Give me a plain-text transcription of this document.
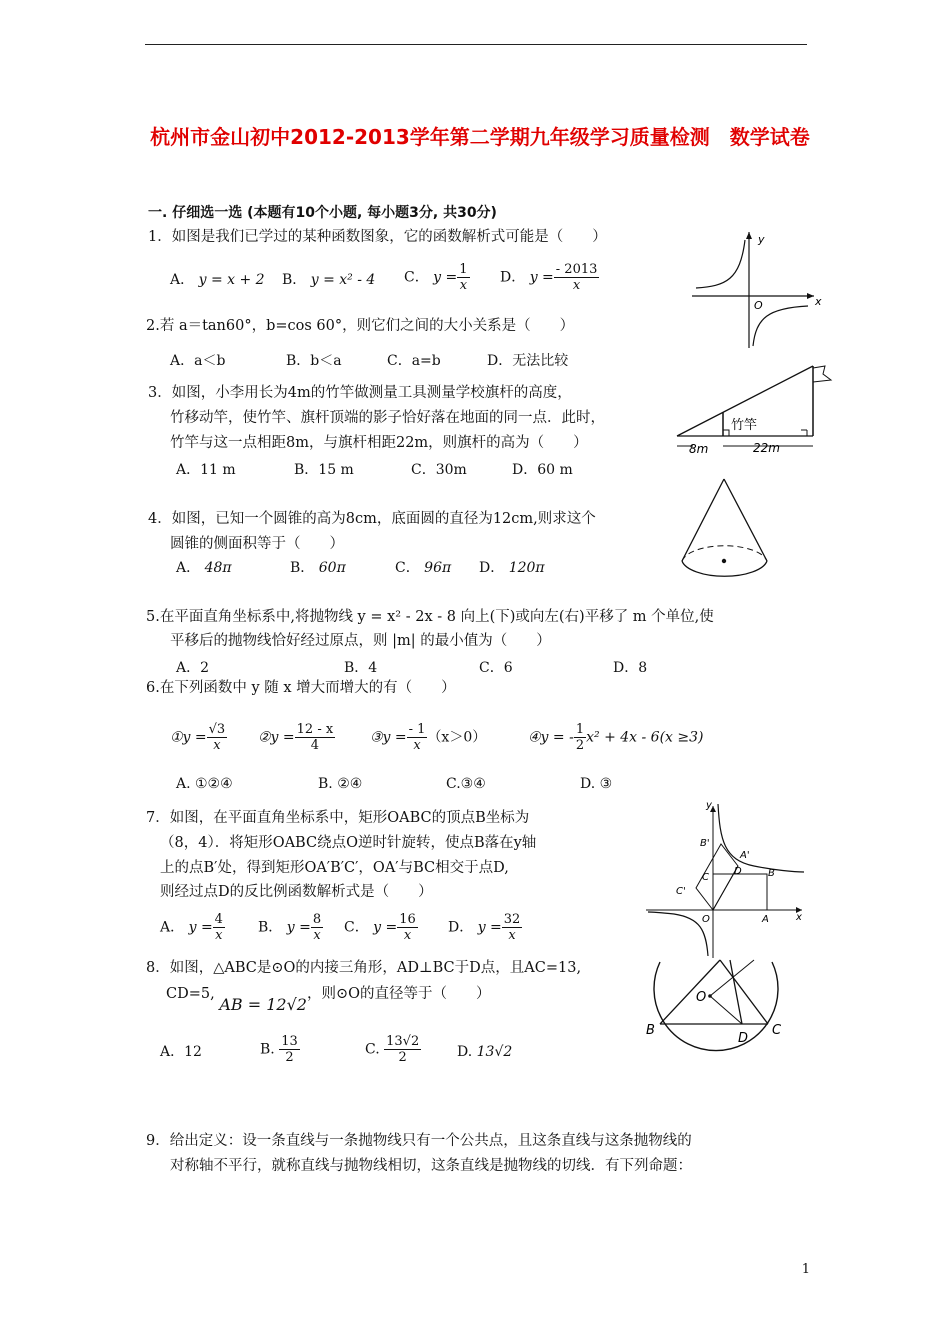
杭州市金山初中2012-2013学年第二学期九年级学习质量检测　数学试卷
一. 仔细选一选 (本题有10个小题, 每小题3分, 共30分)
1．如图是我们已学过的某种函数图象，它的函数解析式可能是（　　）
A． y = x + 2 B． y = x² - 4 C． $y = \frac{1}{x}$ D． $y = \frac{- 2013}{x}$
y
x
O
2.若 a＝tan60°，b=cos 60°，则它们之间的大小关系是（　　）
A．a＜b	B．b＜a	C．a=b	D．无法比较
3．如图，小李用长为4m的竹竿做测量工具测量学校旗杆的高度，
竹移动竿，使竹竿、旗杆顶端的影子恰好落在地面的同一点．此时，
竹竿与这一点相距8m，与旗杆相距22m，则旗杆的高为（　　）
A．11 m	B．15 m	C．30m	D．60 m
竹竿
8m	22m
4．如图，已知一个圆锥的高为8cm，底面圆的直径为12cm,则求这个
圆锥的侧面积等于（　　）
A． 48π	B． 60π	C． 96π D． 120π
5.在平面直角坐标系中,将抛物线 y = x² - 2x - 8 向上(下)或向左(右)平移了 m 个单位,使
平移后的抛物线恰好经过原点，则 |m| 的最小值为（　　）
A．2	B．4	C．6	D．8
6.在下列函数中 y 随 x 增大而增大的有（　　）
①y = $\frac{√3}{x}$ ②y = $\frac{12 - x}{4}$ ③y = $\frac{- 1}{x} (x>0)$	④y = - $\frac{1}{2} x^2 + 4x - 6(x \ge 3)$
A. ①②④	B. ②④	C.③④	D. ③
7．如图，在平面直角坐标系中，矩形OABC的顶点B坐标为
（8，4）．将矩形OABC绕点O逆时针旋转，使点B落在y轴
上的点B′处，得到矩形OA′B′C′，OA′与BC相交于点D,
则经过点D的反比例函数解析式是（　　）
A． $y = \frac{4}{x}$ B． $y = \frac{8}{x}$ C． $y = \frac{16}{x}$ D． $y = \frac{32}{x}$
y
B'
A'
C
D	B
C'
O	A	x
8．如图，△ABC是⊙O的内接三角形，AD⊥BC于D点，且AC=13,
CD=5, AB = 12√2，则⊙O的直径等于（　　）
A．12	B. $\frac{13}{2}$	C. $\frac{13√2}{2}$	D. 13√2
O
B
D
C
9．给出定义：设一条直线与一条抛物线只有一个公共点，且这条直线与这条抛物线的
对称轴不平行，就称直线与抛物线相切，这条直线是抛物线的切线．有下列命题：
1
